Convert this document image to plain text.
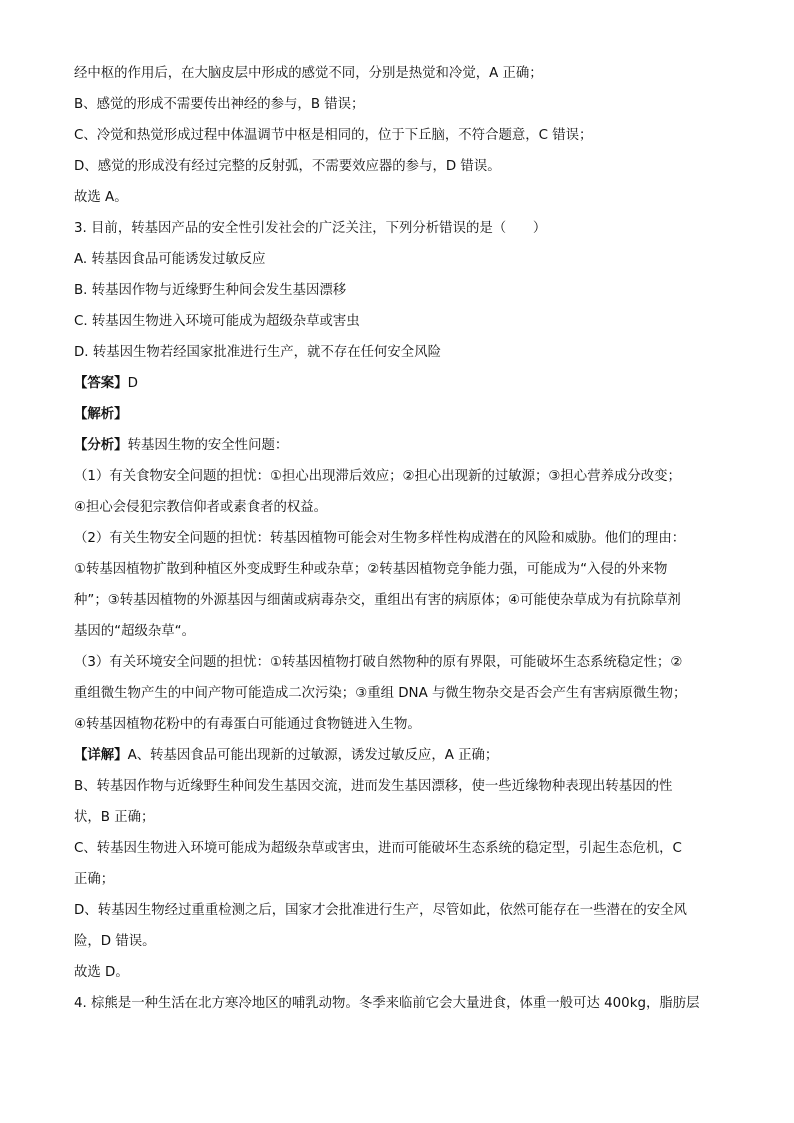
经中枢的作用后，在大脑皮层中形成的感觉不同，分别是热觉和冷觉，A 正确；
B、感觉的形成不需要传出神经的参与，B 错误；
C、冷觉和热觉形成过程中体温调节中枢是相同的，位于下丘脑，不符合题意，C 错误；
D、感觉的形成没有经过完整的反射弧，不需要效应器的参与，D 错误。
故选 A。
3. 目前，转基因产品的安全性引发社会的广泛关注，下列分析错误的是（　　）
A. 转基因食品可能诱发过敏反应
B. 转基因作物与近缘野生种间会发生基因漂移
C. 转基因生物进入环境可能成为超级杂草或害虫
D. 转基因生物若经国家批准进行生产，就不存在任何安全风险
【答案】D
【解析】
【分析】转基因生物的安全性问题：
（1）有关食物安全问题的担忧：①担心出现滞后效应；②担心出现新的过敏源；③担心营养成分改变；
④担心会侵犯宗教信仰者或素食者的权益。
（2）有关生物安全问题的担忧：转基因植物可能会对生物多样性构成潜在的风险和威胁。他们的理由：
①转基因植物扩散到种植区外变成野生种或杂草；②转基因植物竞争能力强，可能成为“入侵的外来物
种”；③转基因植物的外源基因与细菌或病毒杂交，重组出有害的病原体；④可能使杂草成为有抗除草剂
基因的“超级杂草“。
（3）有关环境安全问题的担忧：①转基因植物打破自然物种的原有界限，可能破坏生态系统稳定性；②
重组微生物产生的中间产物可能造成二次污染；③重组 DNA 与微生物杂交是否会产生有害病原微生物；
④转基因植物花粉中的有毒蛋白可能通过食物链进入生物。
【详解】A、转基因食品可能出现新的过敏源，诱发过敏反应，A 正确；
B、转基因作物与近缘野生种间发生基因交流，进而发生基因漂移，使一些近缘物种表现出转基因的性
状，B 正确；
C、转基因生物进入环境可能成为超级杂草或害虫，进而可能破坏生态系统的稳定型，引起生态危机，C
正确；
D、转基因生物经过重重检测之后，国家才会批准进行生产，尽管如此，依然可能存在一些潜在的安全风
险，D 错误。
故选 D。
4. 棕熊是一种生活在北方寒冷地区的哺乳动物。冬季来临前它会大量进食，体重一般可达 400kg，脂肪层
